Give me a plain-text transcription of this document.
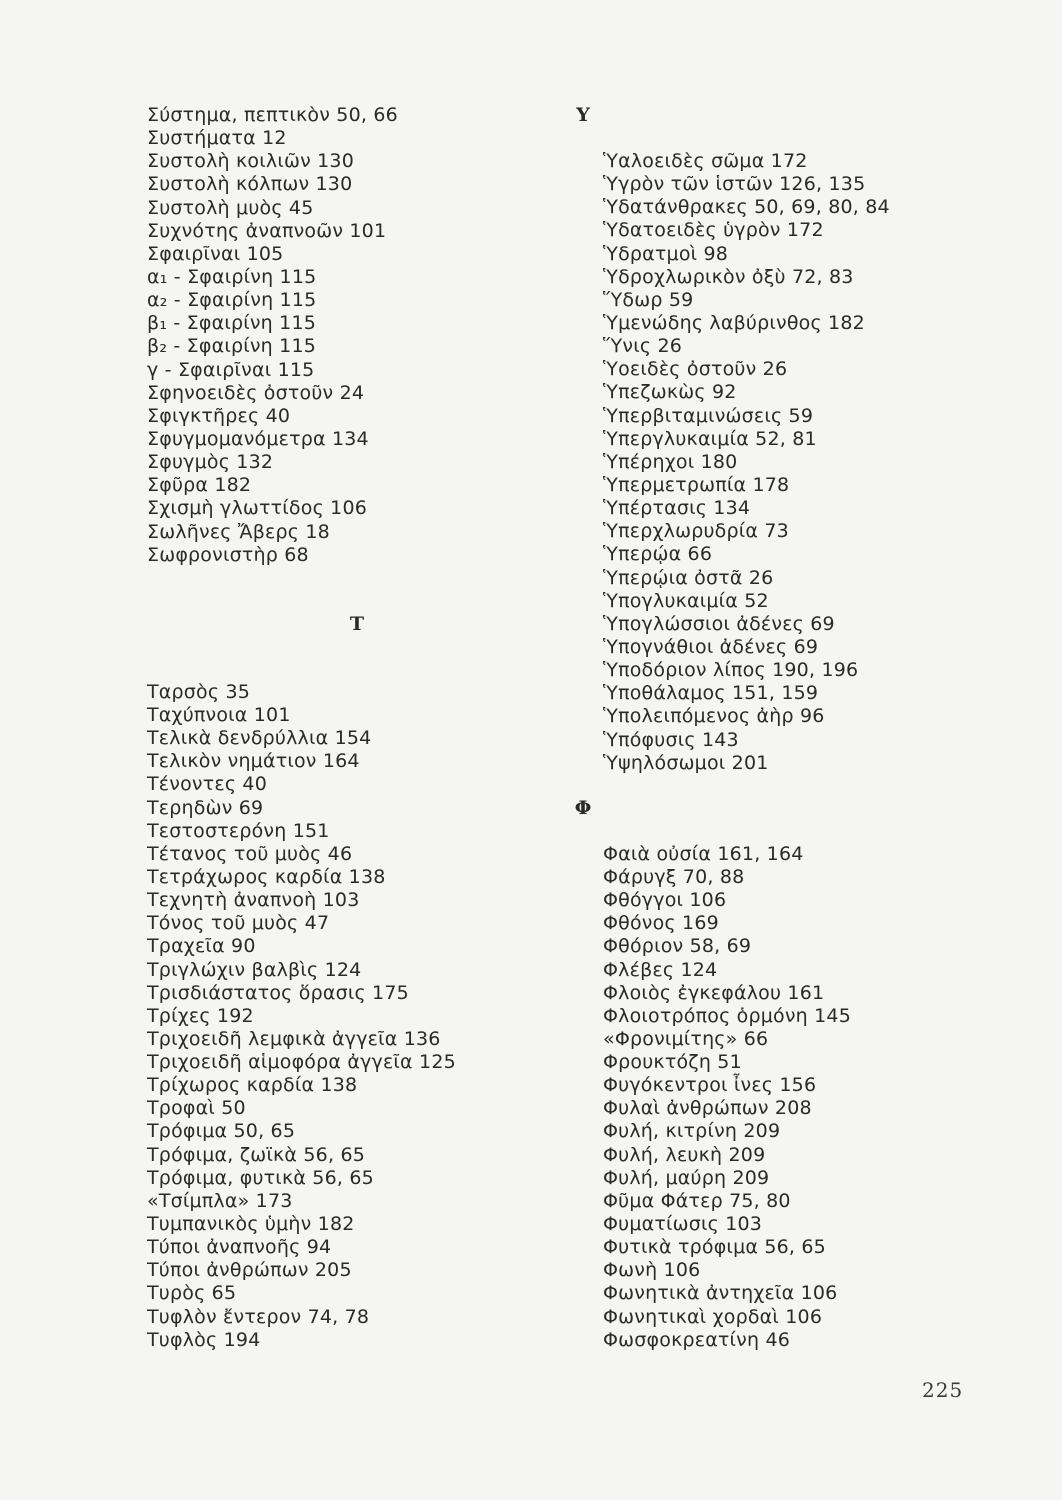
Σύστημα, πεπτικὸν 50, 66
Συστήματα 12
Συστολὴ κοιλιῶν 130
Συστολὴ κόλπων 130
Συστολὴ μυὸς 45
Συχνότης ἀναπνοῶν 101
Σφαιρῖναι 105
α₁ - Σφαιρίνη 115
α₂ - Σφαιρίνη 115
β₁ - Σφαιρίνη 115
β₂ - Σφαιρίνη 115
γ - Σφαιρῖναι 115
Σφηνοειδὲς ὀστοῦν 24
Σφιγκτῆρες 40
Σφυγμομανόμετρα 134
Σφυγμὸς 132
Σφῦρα 182
Σχισμὴ γλωττίδος 106
Σωλῆνες Ἄβερς 18
Σωφρονιστὴρ 68
T
Ταρσὸς 35
Ταχύπνοια 101
Τελικὰ δενδρύλλια 154
Τελικὸν νημάτιον 164
Τένοντες 40
Τερηδὼν 69
Τεστοστερόνη 151
Τέτανος τοῦ μυὸς 46
Τετράχωρος καρδία 138
Τεχνητὴ ἀναπνοὴ 103
Τόνος τοῦ μυὸς 47
Τραχεῖα 90
Τριγλώχιν βαλβὶς 124
Τρισδιάστατος ὅρασις 175
Τρίχες 192
Τριχοειδῆ λεμφικὰ ἀγγεῖα 136
Τριχοειδῆ αἱμοφόρα ἀγγεῖα 125
Τρίχωρος καρδία 138
Τροφαὶ 50
Τρόφιμα 50, 65
Τρόφιμα, ζωϊκὰ 56, 65
Τρόφιμα, φυτικὰ 56, 65
«Τσίμπλα» 173
Τυμπανικὸς ὑμὴν 182
Τύποι ἀναπνοῆς 94
Τύποι ἀνθρώπων 205
Τυρὸς 65
Τυφλὸν ἔντερον 74, 78
Τυφλὸς 194
Y
Ὑαλοειδὲς σῶμα 172
Ὑγρὸν τῶν ἱστῶν 126, 135
Ὑδατάνθρακες 50, 69, 80, 84
Ὑδατοειδὲς ὑγρὸν 172
Ὑδρατμοὶ 98
Ὑδροχλωρικὸν ὀξὺ 72, 83
Ὕδωρ 59
Ὑμενώδης λαβύρινθος 182
Ὕνις 26
Ὑοειδὲς ὀστοῦν 26
Ὑπεζωκὼς 92
Ὑπερβιταμινώσεις 59
Ὑπεργλυκαιμία 52, 81
Ὑπέρηχοι 180
Ὑπερμετρωπία 178
Ὑπέρτασις 134
Ὑπερχλωρυδρία 73
Ὑπερῴα 66
Ὑπερῴια ὀστᾶ 26
Ὑπογλυκαιμία 52
Ὑπογλώσσιοι ἀδένες 69
Ὑπογνάθιοι ἀδένες 69
Ὑποδόριον λίπος 190, 196
Ὑποθάλαμος 151, 159
Ὑπολειπόμενος ἀὴρ 96
Ὑπόφυσις 143
Ὑψηλόσωμοι 201
Φ
Φαιὰ οὐσία 161, 164
Φάρυγξ 70, 88
Φθόγγοι 106
Φθόνος 169
Φθόριον 58, 69
Φλέβες 124
Φλοιὸς ἐγκεφάλου 161
Φλοιοτρόπος ὁρμόνη 145
«Φρονιμίτης» 66
Φρουκτόζη 51
Φυγόκεντροι ἶνες 156
Φυλαὶ ἀνθρώπων 208
Φυλή, κιτρίνη 209
Φυλή, λευκὴ 209
Φυλή, μαύρη 209
Φῦμα Φάτερ 75, 80
Φυματίωσις 103
Φυτικὰ τρόφιμα 56, 65
Φωνὴ 106
Φωνητικὰ ἀντηχεῖα 106
Φωνητικαὶ χορδαὶ 106
Φωσφοκρεατίνη 46
225
